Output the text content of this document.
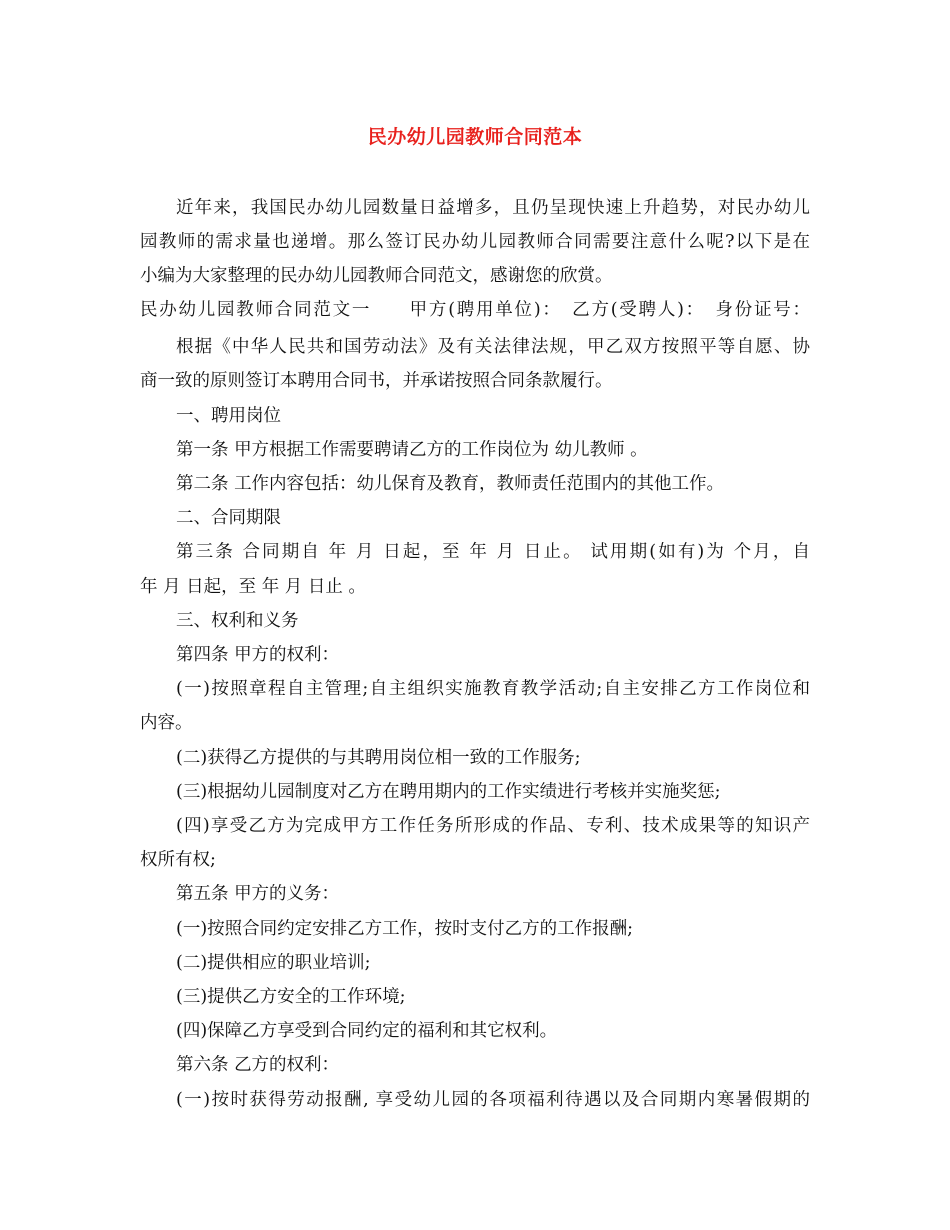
民办幼儿园教师合同范本
近年来，我国民办幼儿园数量日益增多，且仍呈现快速上升趋势，对民办幼儿
园教师的需求量也递增。那么签订民办幼儿园教师合同需要注意什么呢?以下是在
小编为大家整理的民办幼儿园教师合同范文，感谢您的欣赏。
民办幼儿园教师合同范文一　　甲方(聘用单位)：　乙方(受聘人)：　身份证号：
根据《中华人民共和国劳动法》及有关法律法规，甲乙双方按照平等自愿、协
商一致的原则签订本聘用合同书，并承诺按照合同条款履行。
一、聘用岗位
第一条 甲方根据工作需要聘请乙方的工作岗位为 幼儿教师 。
第二条 工作内容包括：幼儿保育及教育，教师责任范围内的其他工作。
二、合同期限
第三条 合同期自 年 月 日起，至 年 月 日止。 试用期(如有)为 个月，自
年 月 日起，至 年 月 日止 。
三、权利和义务
第四条 甲方的权利：
(一)按照章程自主管理;自主组织实施教育教学活动;自主安排乙方工作岗位和
内容。
(二)获得乙方提供的与其聘用岗位相一致的工作服务;
(三)根据幼儿园制度对乙方在聘用期内的工作实绩进行考核并实施奖惩;
(四)享受乙方为完成甲方工作任务所形成的作品、专利、技术成果等的知识产
权所有权;
第五条 甲方的义务：
(一)按照合同约定安排乙方工作，按时支付乙方的工作报酬;
(二)提供相应的职业培训;
(三)提供乙方安全的工作环境;
(四)保障乙方享受到合同约定的福利和其它权利。
第六条 乙方的权利：
(一)按时获得劳动报酬, 享受幼儿园的各项福利待遇以及合同期内寒暑假期的
